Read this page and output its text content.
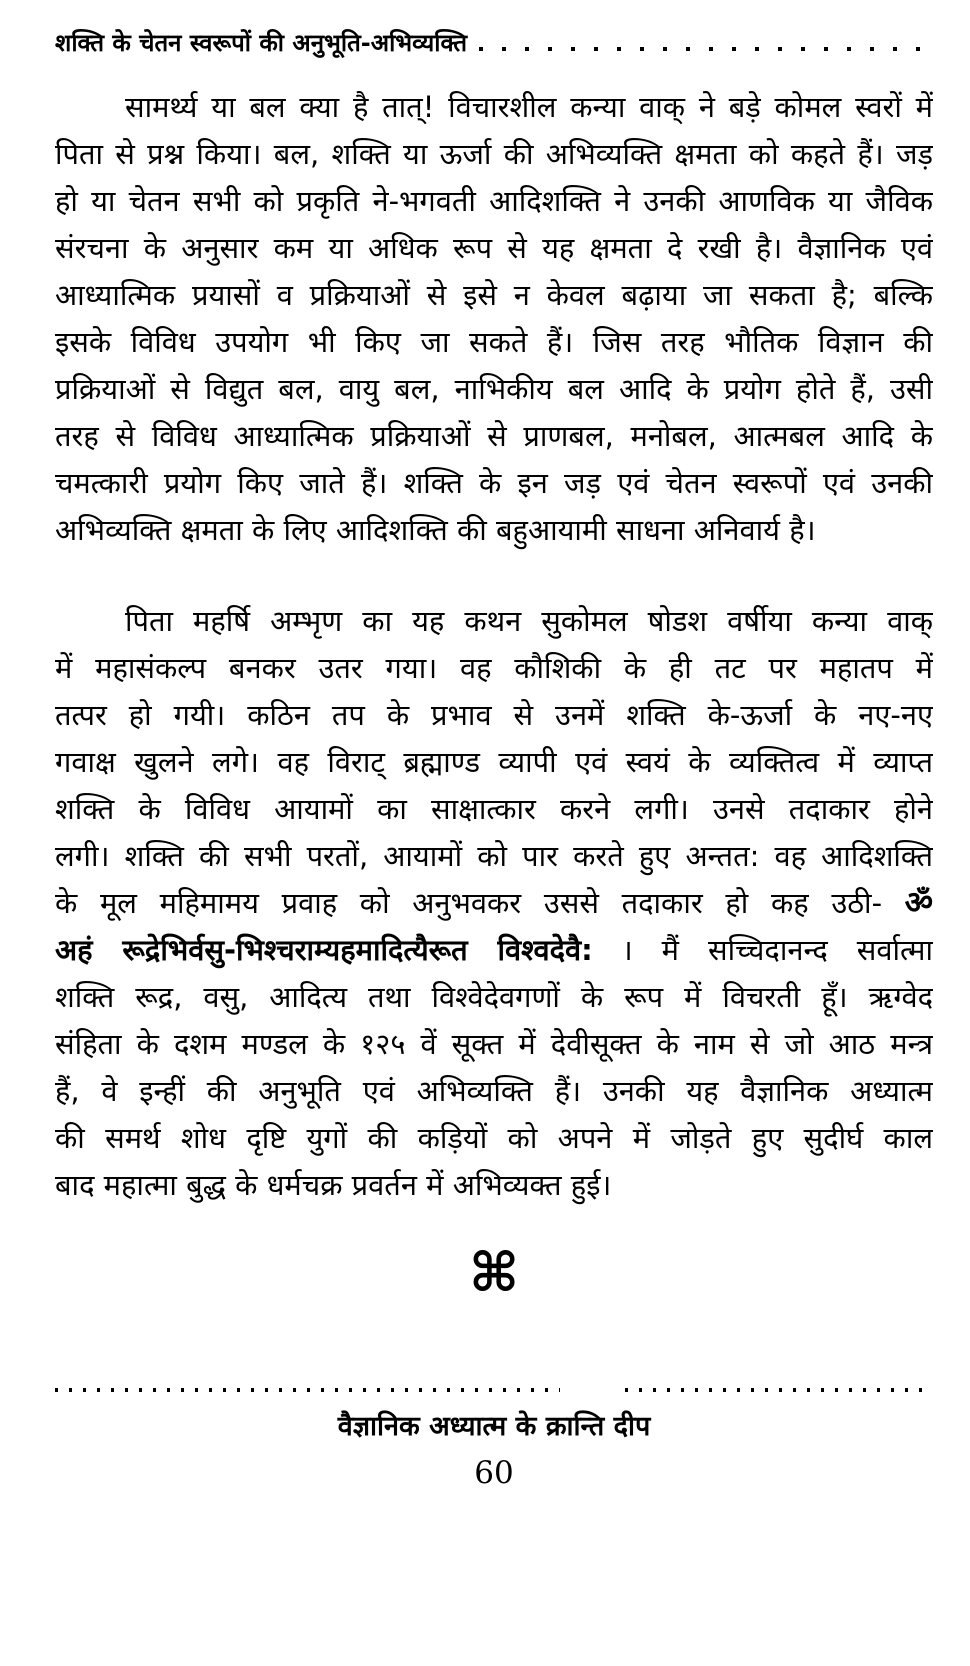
शक्ति के चेतन स्वरूपों की अनुभूति-अभिव्यक्ति
सामर्थ्य या बल क्या है तात्! विचारशील कन्या वाक् ने बड़े कोमल स्वरों में
पिता से प्रश्न किया। बल, शक्ति या ऊर्जा की अभिव्यक्ति क्षमता को कहते हैं। जड़
हो या चेतन सभी को प्रकृति ने-भगवती आदिशक्ति ने उनकी आणविक या जैविक
संरचना के अनुसार कम या अधिक रूप से यह क्षमता दे रखी है। वैज्ञानिक एवं
आध्यात्मिक प्रयासों व प्रक्रियाओं से इसे न केवल बढ़ाया जा सकता है; बल्कि
इसके विविध उपयोग भी किए जा सकते हैं। जिस तरह भौतिक विज्ञान की
प्रक्रियाओं से विद्युत बल, वायु बल, नाभिकीय बल आदि के प्रयोग होते हैं, उसी
तरह से विविध आध्यात्मिक प्रक्रियाओं से प्राणबल, मनोबल, आत्मबल आदि के
चमत्कारी प्रयोग किए जाते हैं। शक्ति के इन जड़ एवं चेतन स्वरूपों एवं उनकी
अभिव्यक्ति क्षमता के लिए आदिशक्ति की बहुआयामी साधना अनिवार्य है।
पिता महर्षि अम्भृण का यह कथन सुकोमल षोडश वर्षीया कन्या वाक्
में महासंकल्प बनकर उतर गया। वह कौशिकी के ही तट पर महातप में
तत्पर हो गयी। कठिन तप के प्रभाव से उनमें शक्ति के-ऊर्जा के नए-नए
गवाक्ष खुलने लगे। वह विराट् ब्रह्माण्ड व्यापी एवं स्वयं के व्यक्तित्व में व्याप्त
शक्ति के विविध आयामों का साक्षात्कार करने लगी। उनसे तदाकार होने
लगी। शक्ति की सभी परतों, आयामों को पार करते हुए अन्तत: वह आदिशक्ति
के मूल महिमामय प्रवाह को अनुभवकर उससे तदाकार हो कह उठी- ॐ
अहं रूद्रेभिर्वसु-भिश्चराम्यहमादित्यैरूत विश्वदेवै: । मैं सच्चिदानन्द सर्वात्मा
शक्ति रूद्र, वसु, आदित्य तथा विश्वेदेवगणों के रूप में विचरती हूँ। ऋग्वेद
संहिता के दशम मण्डल के १२५ वें सूक्त में देवीसूक्त के नाम से जो आठ मन्त्र
हैं, वे इन्हीं की अनुभूति एवं अभिव्यक्ति हैं। उनकी यह वैज्ञानिक अध्यात्म
की समर्थ शोध दृष्टि युगों की कड़ियों को अपने में जोड़ते हुए सुदीर्घ काल
बाद महात्मा बुद्ध के धर्मचक्र प्रवर्तन में अभिव्यक्त हुई।
⌘
वैज्ञानिक अध्यात्म के क्रान्ति दीप
60
